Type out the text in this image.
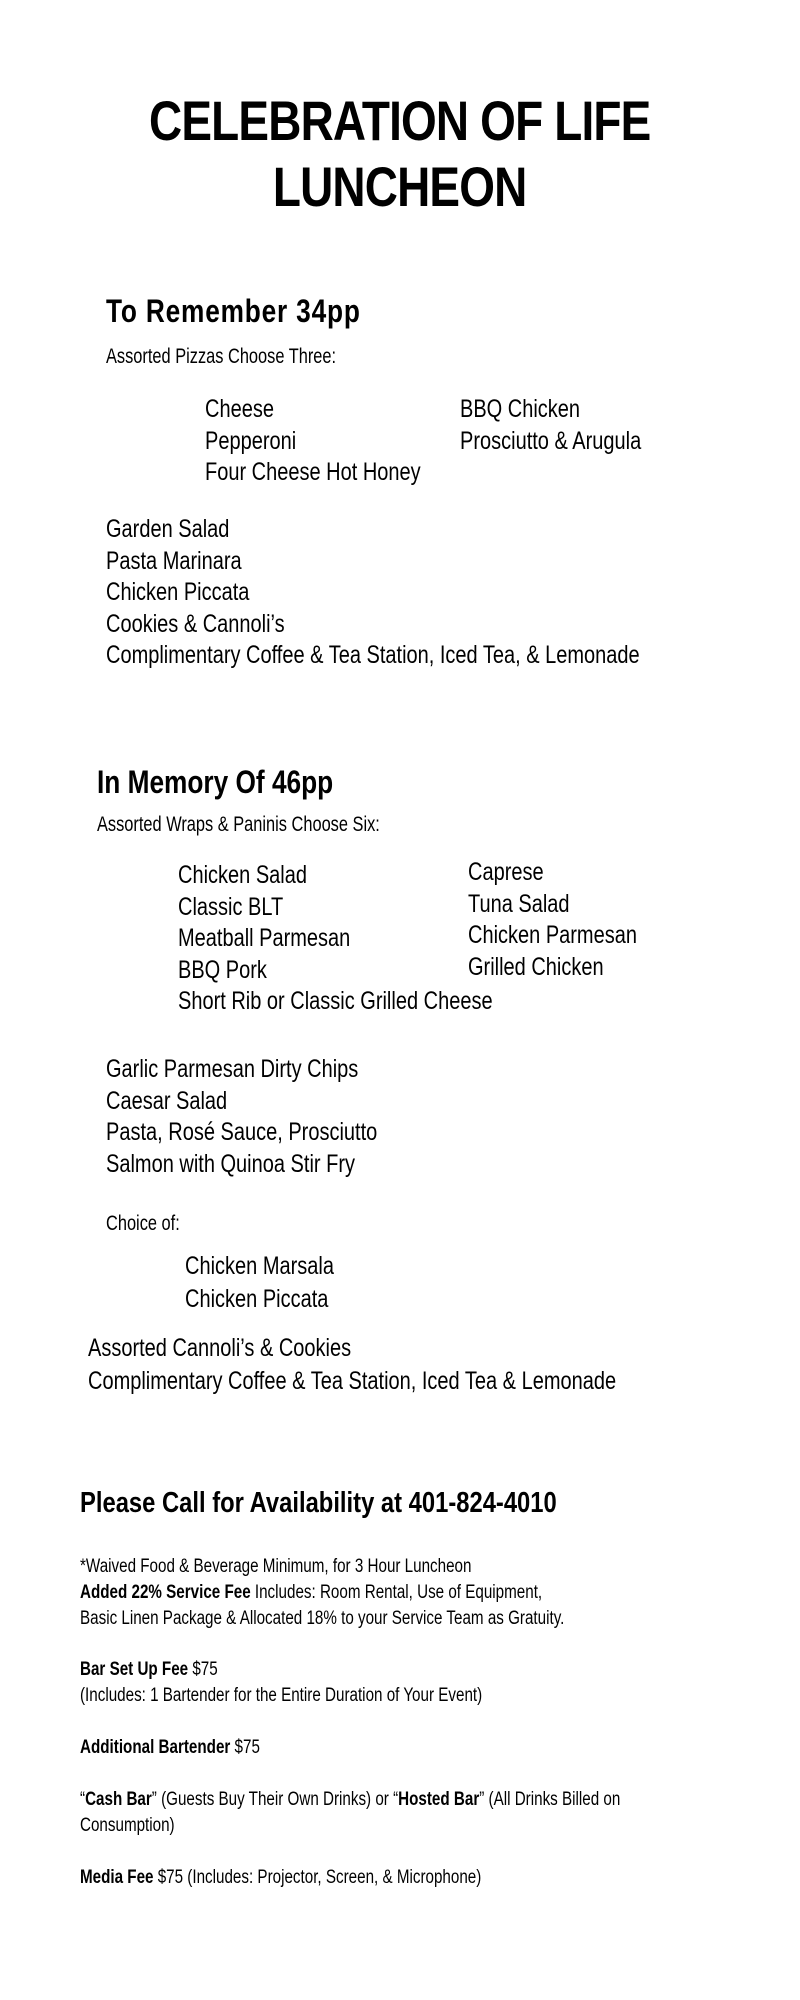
CELEBRATION OF LIFE
LUNCHEON
To Remember 34pp
Assorted Pizzas Choose Three:
Cheese
Pepperoni
Four Cheese Hot Honey
BBQ Chicken
Prosciutto & Arugula
Garden Salad
Pasta Marinara
Chicken Piccata
Cookies & Cannoli’s
Complimentary Coffee & Tea Station, Iced Tea, & Lemonade
In Memory Of 46pp
Assorted Wraps & Paninis Choose Six:
Chicken Salad
Classic BLT
Meatball Parmesan
BBQ Pork
Short Rib or Classic Grilled Cheese
Caprese
Tuna Salad
Chicken Parmesan
Grilled Chicken
Garlic Parmesan Dirty Chips
Caesar Salad
Pasta, Rosé Sauce, Prosciutto
Salmon with Quinoa Stir Fry
Choice of:
Chicken Marsala
Chicken Piccata
Assorted Cannoli’s & Cookies
Complimentary Coffee & Tea Station, Iced Tea & Lemonade
Please Call for Availability at 401-824-4010
*Waived Food & Beverage Minimum, for 3 Hour Luncheon
Added 22% Service Fee Includes: Room Rental, Use of Equipment,
Basic Linen Package & Allocated 18% to your Service Team as Gratuity.
Bar Set Up Fee $75
(Includes: 1 Bartender for the Entire Duration of Your Event)
Additional Bartender $75
“Cash Bar” (Guests Buy Their Own Drinks) or “Hosted Bar” (All Drinks Billed on
Consumption)
Media Fee $75 (Includes: Projector, Screen, & Microphone)
